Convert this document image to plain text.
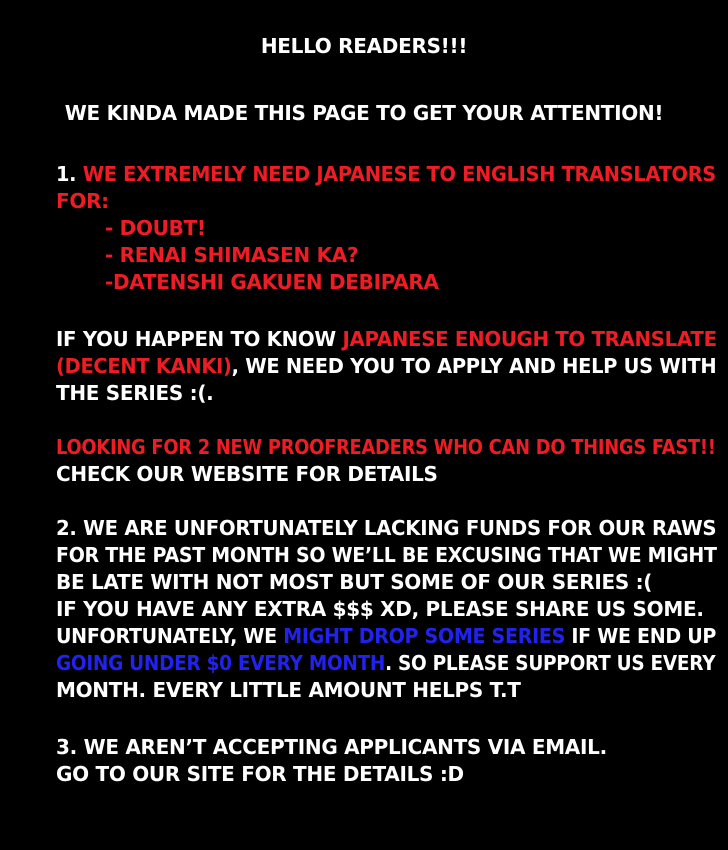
HELLO READERS!!!
WE KINDA MADE THIS PAGE TO GET YOUR ATTENTION!
1. WE EXTREMELY NEED JAPANESE TO ENGLISH TRANSLATORS
FOR:
- DOUBT!
- RENAI SHIMASEN KA?
-DATENSHI GAKUEN DEBIPARA
IF YOU HAPPEN TO KNOW JAPANESE ENOUGH TO TRANSLATE
(DECENT KANKI), WE NEED YOU TO APPLY AND HELP US WITH
THE SERIES :(.
LOOKING FOR 2 NEW PROOFREADERS WHO CAN DO THINGS FAST!!
CHECK OUR WEBSITE FOR DETAILS
2. WE ARE UNFORTUNATELY LACKING FUNDS FOR OUR RAWS
FOR THE PAST MONTH SO WE’LL BE EXCUSING THAT WE MIGHT
BE LATE WITH NOT MOST BUT SOME OF OUR SERIES :(
IF YOU HAVE ANY EXTRA $$$ XD, PLEASE SHARE US SOME.
UNFORTUNATELY, WE MIGHT DROP SOME SERIES IF WE END UP
GOING UNDER $0 EVERY MONTH. SO PLEASE SUPPORT US EVERY
MONTH. EVERY LITTLE AMOUNT HELPS T.T
3. WE AREN’T ACCEPTING APPLICANTS VIA EMAIL.
GO TO OUR SITE FOR THE DETAILS :D
